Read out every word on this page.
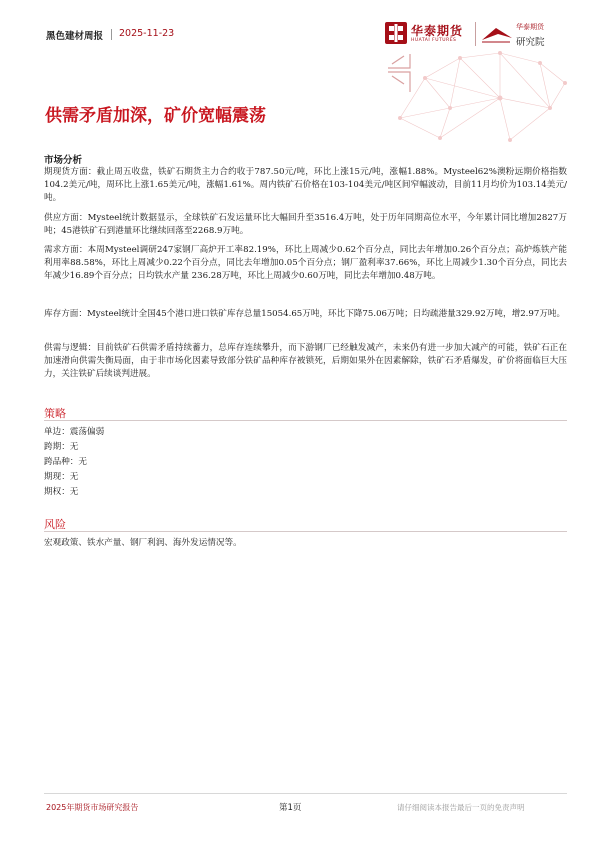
黑色建材周报 2025-11-23	华泰期货
HUATAI FUTURES
华泰期货
研究院
供需矛盾加深，矿价宽幅震荡
市场分析
期现货方面：截止周五收盘，铁矿石期货主力合约收于787.50元/吨，环比上涨15元/吨，涨幅1.88%。Mysteel62%澳粉远期价格指数104.2美元/吨，周环比上涨1.65美元/吨，涨幅1.61%。周内铁矿石价格在103-104美元/吨区间窄幅波动，目前11月均价为103.14美元/吨。
供应方面：Mysteel统计数据显示，全球铁矿石发运量环比大幅回升至3516.4万吨，处于历年同期高位水平，今年累计同比增加2827万吨；45港铁矿石到港量环比继续回落至2268.9万吨。
需求方面：本周Mysteel调研247家钢厂高炉开工率82.19%，环比上周减少0.62个百分点，同比去年增加0.26个百分点；高炉炼铁产能利用率88.58%，环比上周减少0.22个百分点，同比去年增加0.05个百分点；钢厂盈利率37.66%，环比上周减少1.30个百分点，同比去年减少16.89个百分点；日均铁水产量 236.28万吨，环比上周减少0.60万吨，同比去年增加0.48万吨。
库存方面：Mysteel统计全国45个港口进口铁矿库存总量15054.65万吨，环比下降75.06万吨；日均疏港量329.92万吨，增2.97万吨。
供需与逻辑：目前铁矿石供需矛盾持续蓄力，总库存连续攀升，而下游钢厂已经触发减产，未来仍有进一步加大减产的可能，铁矿石正在加速滑向供需失衡局面，由于非市场化因素导致部分铁矿品种库存被锁死，后期如果外在因素解除，铁矿石矛盾爆发，矿价将面临巨大压力，关注铁矿后续谈判进展。
策略
单边：震荡偏弱
跨期：无
跨品种：无
期现：无
期权：无
风险
宏观政策、铁水产量、钢厂利润、海外发运情况等。
2025年期货市场研究报告	第1页	请仔细阅读本报告最后一页的免责声明
